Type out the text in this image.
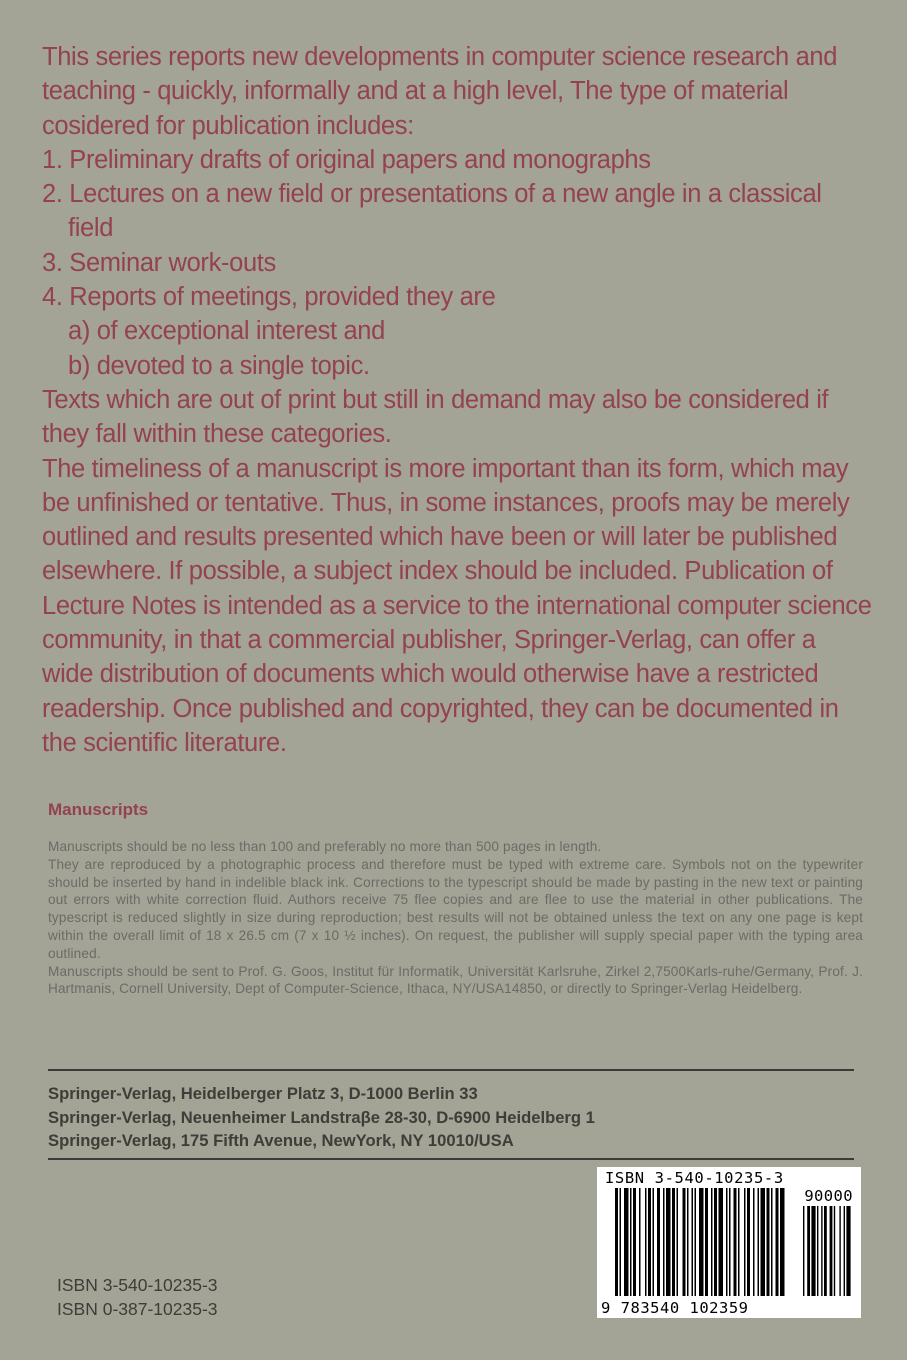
This series reports new developments in computer science research and teaching - quickly, informally and at a high level, The type of material cosidered for publication includes:

1. Preliminary drafts of original papers and monographs

2. Lectures on a new field or presentations of a new angle in a classical

field

3. Seminar work-outs

4. Reports of meetings, provided they are

a) of exceptional interest and

b) devoted to a single topic.

Texts which are out of print but still in demand may also be considered if they fall within these categories.

The timeliness of a manuscript is more important than its form, which may be unfinished or tentative. Thus, in some instances, proofs may be merely outlined and results presented which have been or will later be published elsewhere. If possible, a subject index should be included. Publication of Lecture Notes is intended as a service to the international computer science community, in that a commercial publisher, Springer-Verlag, can offer a wide distribution of documents which would otherwise have a restricted readership. Once published and copyrighted, they can be documented in the scientific literature.

Manuscripts

Manuscripts should be no less than 100 and preferably no more than 500 pages in length.

They are reproduced by a photographic process and therefore must be typed with extreme care. Symbols not on the typewriter should be inserted by hand in indelible black ink. Corrections to the typescript should be made by pasting in the new text or painting out errors with white correction fluid. Authors receive 75 flee copies and are flee to use the material in other publications. The typescript is reduced slightly in size during reproduction; best results will not be obtained unless the text on any one page is kept within the overall limit of 18 x 26.5 cm (7 x 10 ½ inches). On request, the publisher will supply special paper with the typing area outlined.

Manuscripts should be sent to Prof. G. Goos, Institut für Informatik, Universität Karlsruhe, Zirkel 2,7500Karls-ruhe/Germany, Prof. J. Hartmanis, Cornell University, Dept of Computer-Science, Ithaca, NY/USA14850, or directly to Springer-Verlag Heidelberg.

Springer-Verlag, Heidelberger Platz 3, D-1000 Berlin 33
Springer-Verlag, Neuenheimer Landstraβe 28-30, D-6900 Heidelberg 1
Springer-Verlag, 175 Fifth Avenue, NewYork, NY 10010/USA
ISBN 3-540-10235-3
ISBN 0-387-10235-3
ISBN 3-540-10235-3
90000
9 783540 102359
